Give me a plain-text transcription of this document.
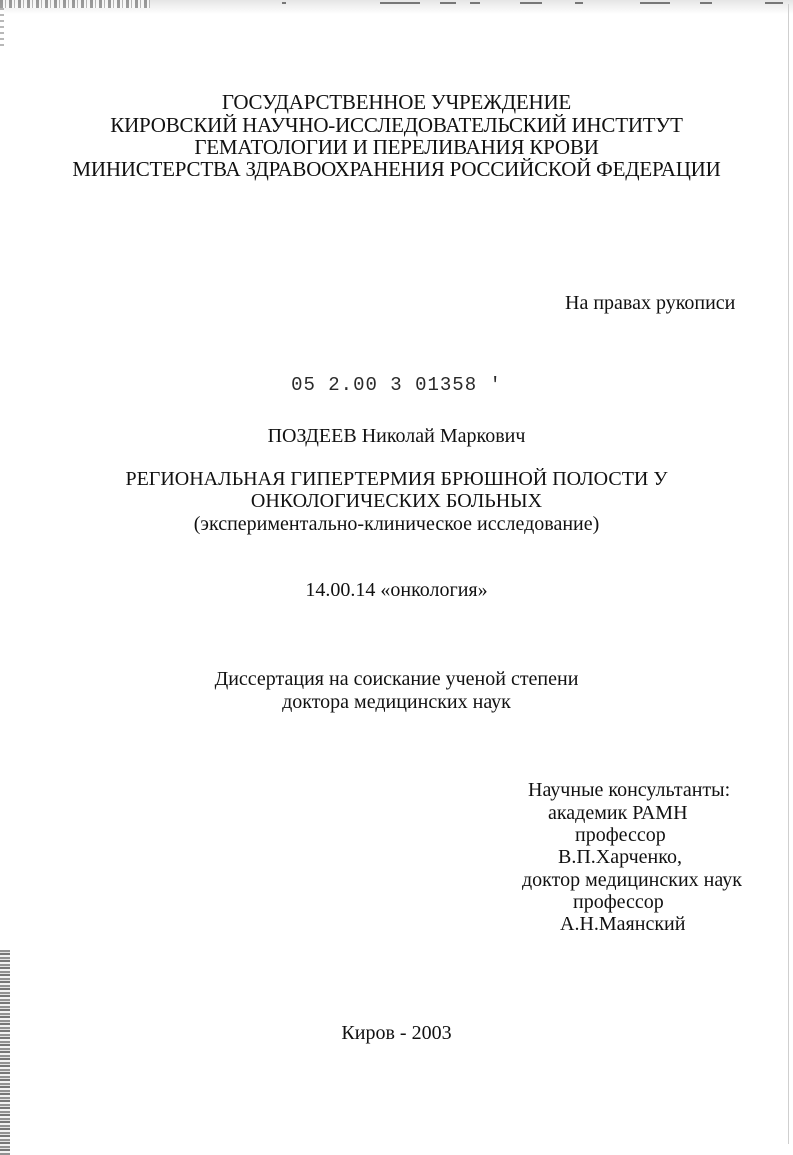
ГОСУДАРСТВЕННОЕ УЧРЕЖДЕНИЕ
КИРОВСКИЙ НАУЧНО-ИССЛЕДОВАТЕЛЬСКИЙ ИНСТИТУТ
ГЕМАТОЛОГИИ И ПЕРЕЛИВАНИЯ КРОВИ
МИНИСТЕРСТВА ЗДРАВООХРАНЕНИЯ РОССИЙСКОЙ ФЕДЕРАЦИИ
На правах рукописи
05 2.00 3 01358 '
ПОЗДЕЕВ Николай Маркович
РЕГИОНАЛЬНАЯ ГИПЕРТЕРМИЯ БРЮШНОЙ ПОЛОСТИ У
ОНКОЛОГИЧЕСКИХ БОЛЬНЫХ
(экспериментально-клиническое исследование)
14.00.14 «онкология»
Диссертация на соискание ученой степени
доктора медицинских наук
Научные консультанты:
академик РАМН
профессор
В.П.Харченко,
доктор медицинских наук
профессор
А.Н.Маянский
Киров - 2003
